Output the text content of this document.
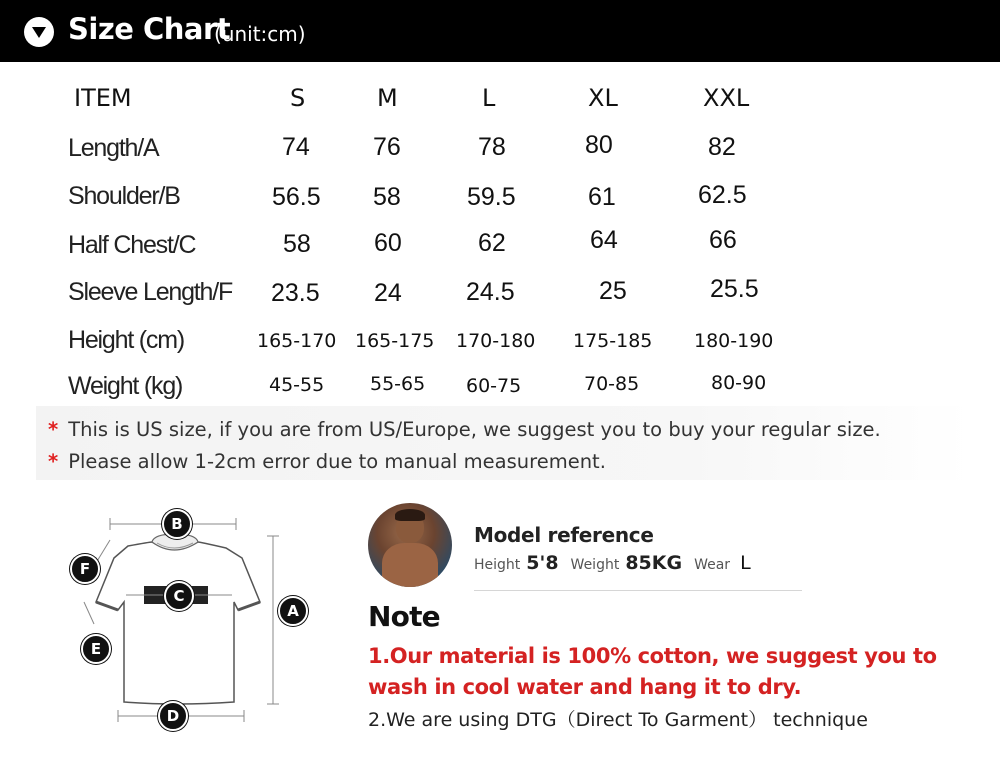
Size Chart
(unit:cm)
ITEM	S	M	L	XL	XXL
Length/A	74	76	78	80	82
Shoulder/B	56.5 58	59.5	61	62.5
Half Chest/C	58	60	62	64	66
Sleeve Length/F 23.5 24	24.5	25	25.5
Height (cm)	165-170 165-175 170-180 175-185 180-190
Weight (kg)	45-55 55-65 60-75	70-85	80-90
* This is US size, if you are from US/Europe, we suggest you to buy your regular size.
* Please allow 1-2cm error due to manual measurement.
B
C
A
D
E
F
Model reference
Height 5'8 Weight 85KG Wear L
Note
1.Our material is 100% cotton, we suggest you to
wash in cool water and hang it to dry.
2.We are using DTG（Direct To Garment） technique
